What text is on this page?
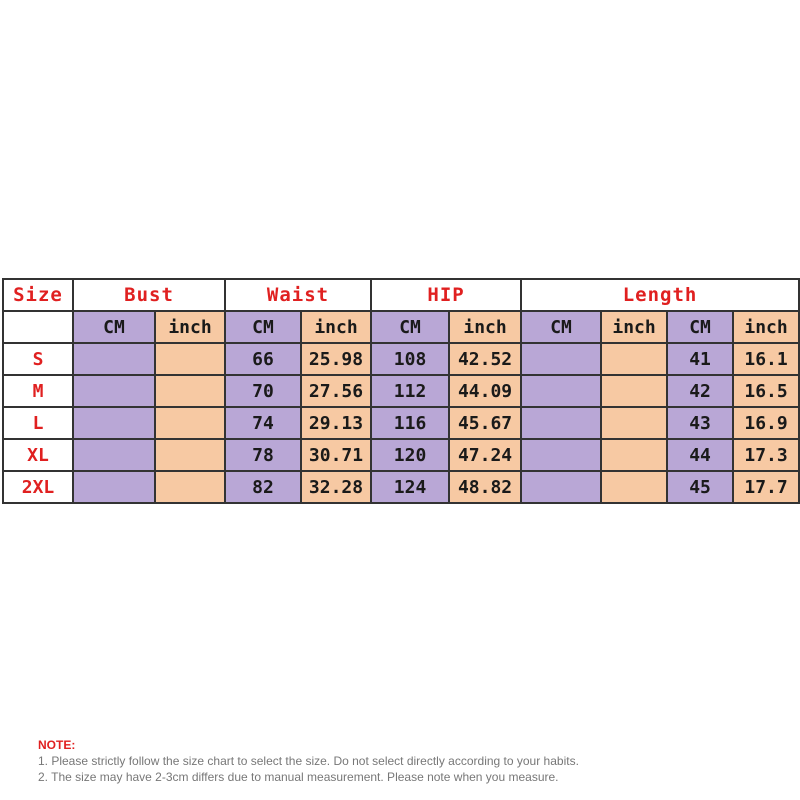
Size	Bust		Waist		HIP		Length			
	CM	inch	CM	inch	CM	inch	CM	inch	CM	inch
S			66	25.98	108	42.52			41	16.1
M			70	27.56	112	44.09			42	16.5
L			74	29.13	116	45.67			43	16.9
XL			78	30.71	120	47.24			44	17.3
2XL			82	32.28	124	48.82			45	17.7
NOTE:
1. Please strictly follow the size chart to select the size. Do not select directly according to your habits.
2. The size may have 2-3cm differs due to manual measurement. Please note when you measure.
